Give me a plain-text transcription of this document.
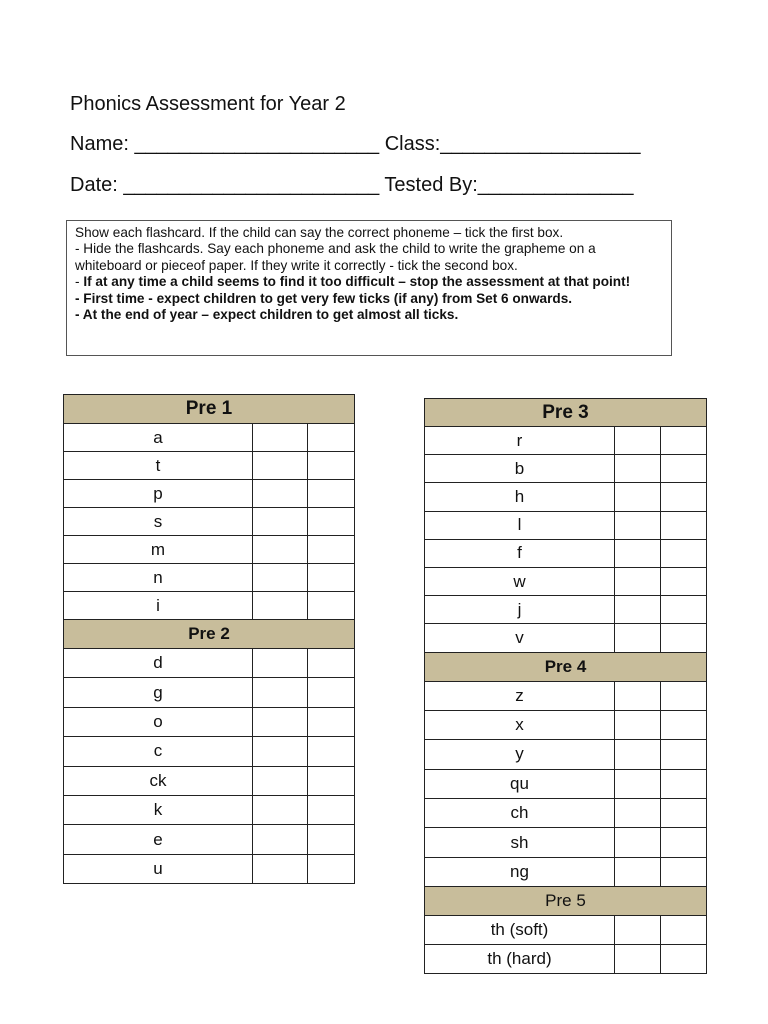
Phonics Assessment for Year 2
Name: ______________________ Class:__________________
Date: _______________________ Tested By:______________
Show each flashcard. If the child can say the correct phoneme – tick the first box.
- Hide the flashcards. Say each phoneme and ask the child to write the grapheme on a
whiteboard or pieceof paper. If they write it correctly - tick the second box.
- If at any time a child seems to find it too difficult – stop the assessment at that point!
- First time - expect children to get very few ticks (if any) from Set 6 onwards.
- At the end of year – expect children to get almost all ticks.
Pre 1		
a		
t		
p		
s		
m		
n		
i		
Pre 2		
d		
g		
o		
c		
ck		
k		
e		
u		
Pre 3		
r		
b		
h		
l		
f		
w		
j		
v		
Pre 4		
z		
x		
y		
qu		
ch		
sh		
ng		
Pre 5		
th (soft)		
th (hard)		
